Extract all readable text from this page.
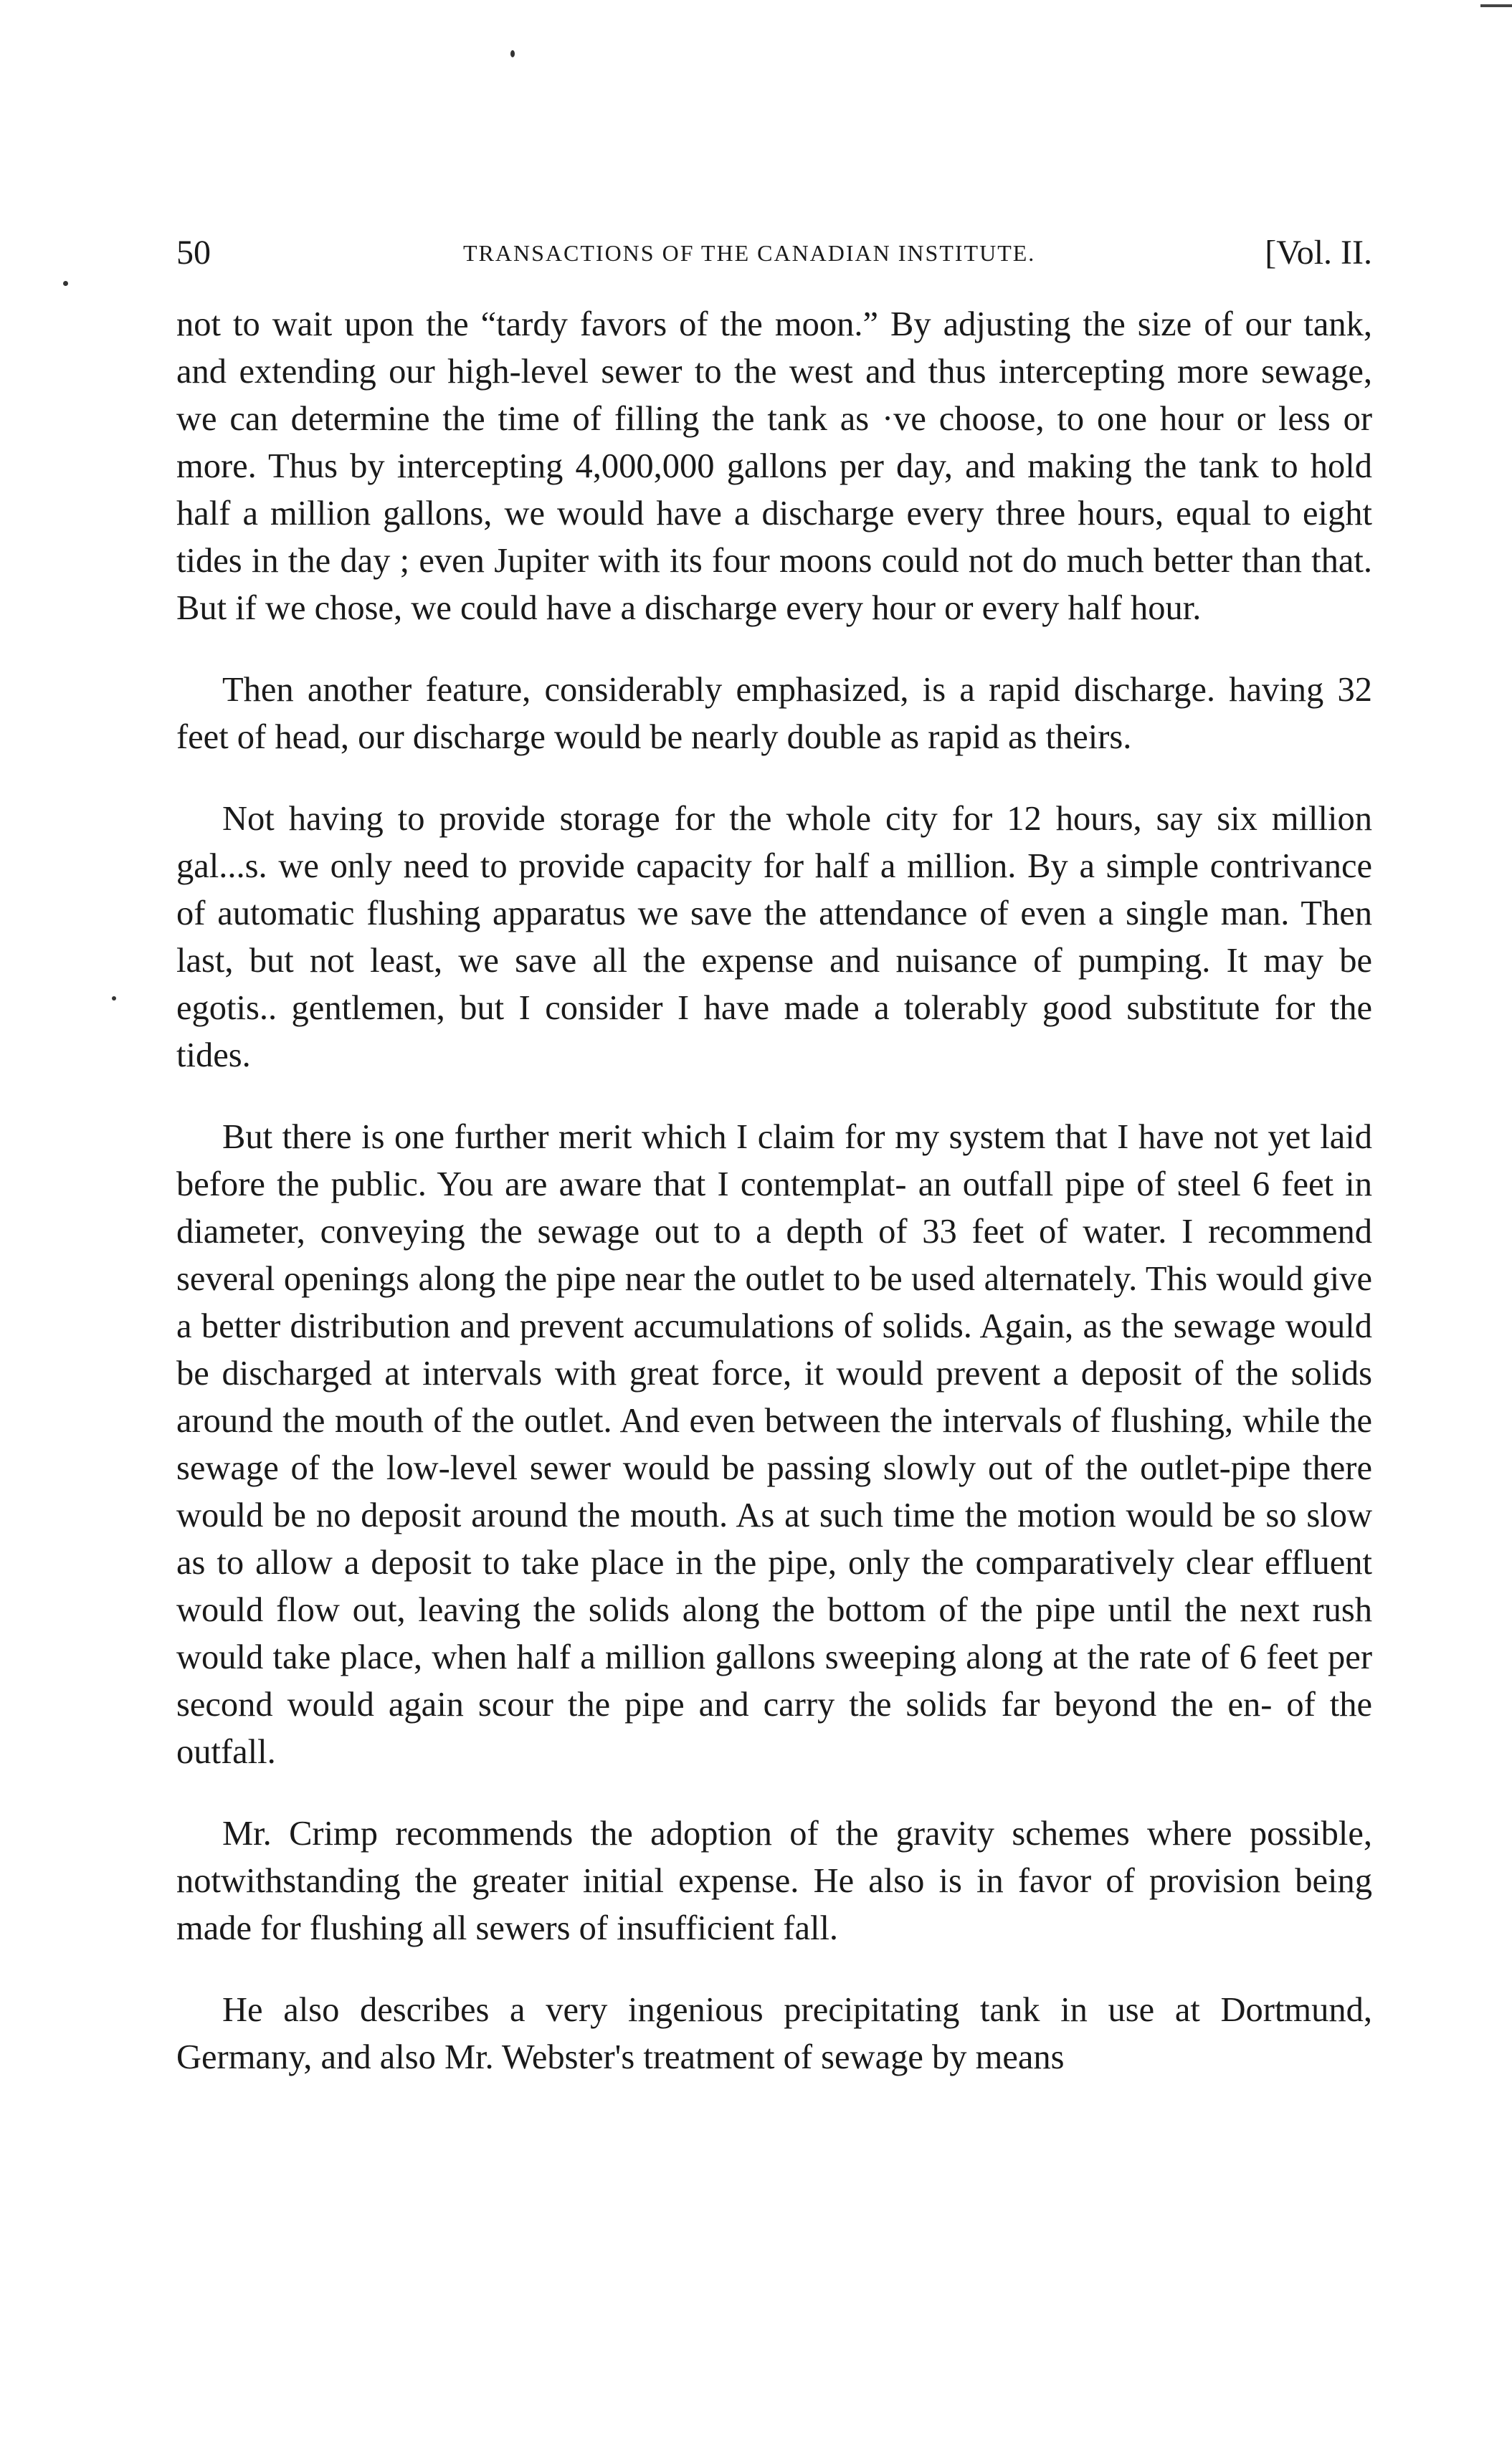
50	TRANSACTIONS OF THE CANADIAN INSTITUTE.	[Vol. II.

not to wait upon the “tardy favors of the moon.” By adjusting the size of our tank, and extending our high-level sewer to the west and thus intercepting more sewage, we can determine the time of filling the tank as ·ve choose, to one hour or less or more. Thus by intercepting 4,000,000 gallons per day, and making the tank to hold half a million gallons, we would have a discharge every three hours, equal to eight tides in the day ; even Jupiter with its four moons could not do much better than that. But if we chose, we could have a discharge every hour or every half hour.

Then another feature, considerably emphasized, is a rapid discharge. having 32 feet of head, our discharge would be nearly double as rapid as theirs.

Not having to provide storage for the whole city for 12 hours, say six million gal...s. we only need to provide capacity for half a million. By a simple contrivance of automatic flushing apparatus we save the attendance of even a single man. Then last, but not least, we save all the expense and nuisance of pumping. It may be egotis.. gentlemen, but I consider I have made a tolerably good substitute for the tides.

But there is one further merit which I claim for my system that I have not yet laid before the public. You are aware that I contemplat- an outfall pipe of steel 6 feet in diameter, conveying the sewage out to a depth of 33 feet of water. I recommend several openings along the pipe near the outlet to be used alternately. This would give a better distribution and prevent accumulations of solids. Again, as the sewage would be discharged at intervals with great force, it would prevent a deposit of the solids around the mouth of the outlet. And even between the intervals of flushing, while the sewage of the low-level sewer would be passing slowly out of the outlet-pipe there would be no deposit around the mouth. As at such time the motion would be so slow as to allow a deposit to take place in the pipe, only the comparatively clear effluent would flow out, leaving the solids along the bottom of the pipe until the next rush would take place, when half a million gallons sweeping along at the rate of 6 feet per second would again scour the pipe and carry the solids far beyond the en- of the outfall.

Mr. Crimp recommends the adoption of the gravity schemes where possible, notwithstanding the greater initial expense. He also is in favor of provision being made for flushing all sewers of insufficient fall.

He also describes a very ingenious precipitating tank in use at Dortmund, Germany, and also Mr. Webster's treatment of sewage by means
